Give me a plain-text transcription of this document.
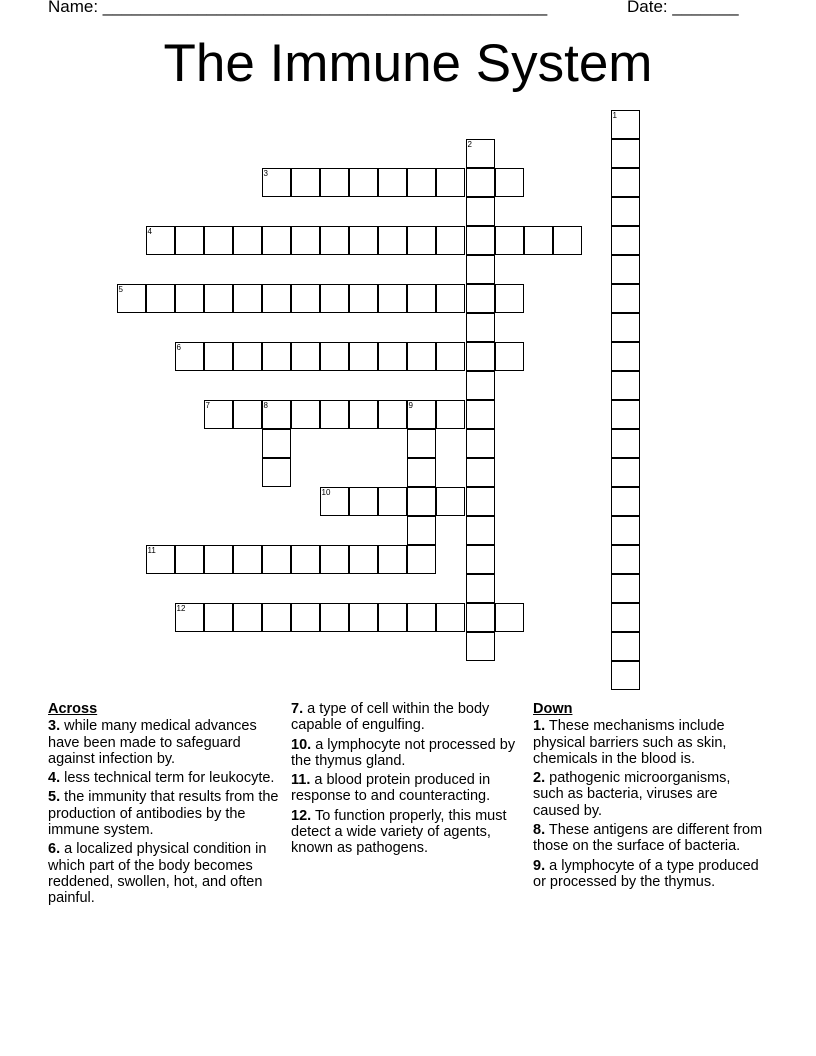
Name: _______________________________________________	Date: _______
The Immune System
1
2
3
4
5
6
7	8	9
10
11
12
Across
3. while many medical advances have been made to safeguard against infection by.
4. less technical term for leukocyte.
5. the immunity that results from the production of antibodies by the immune system.
6. a localized physical condition in which part of the body becomes reddened, swollen, hot, and often painful.
7. a type of cell within the body capable of engulfing.
10. a lymphocyte not processed by the thymus gland.
11. a blood protein produced in response to and counteracting.
12. To function properly, this must detect a wide variety of agents, known as pathogens.
Down
1. These mechanisms include physical barriers such as skin, chemicals in the blood is.
2. pathogenic microorganisms, such as bacteria, viruses are caused by.
8. These antigens are different from those on the surface of bacteria.
9. a lymphocyte of a type produced or processed by the thymus.
